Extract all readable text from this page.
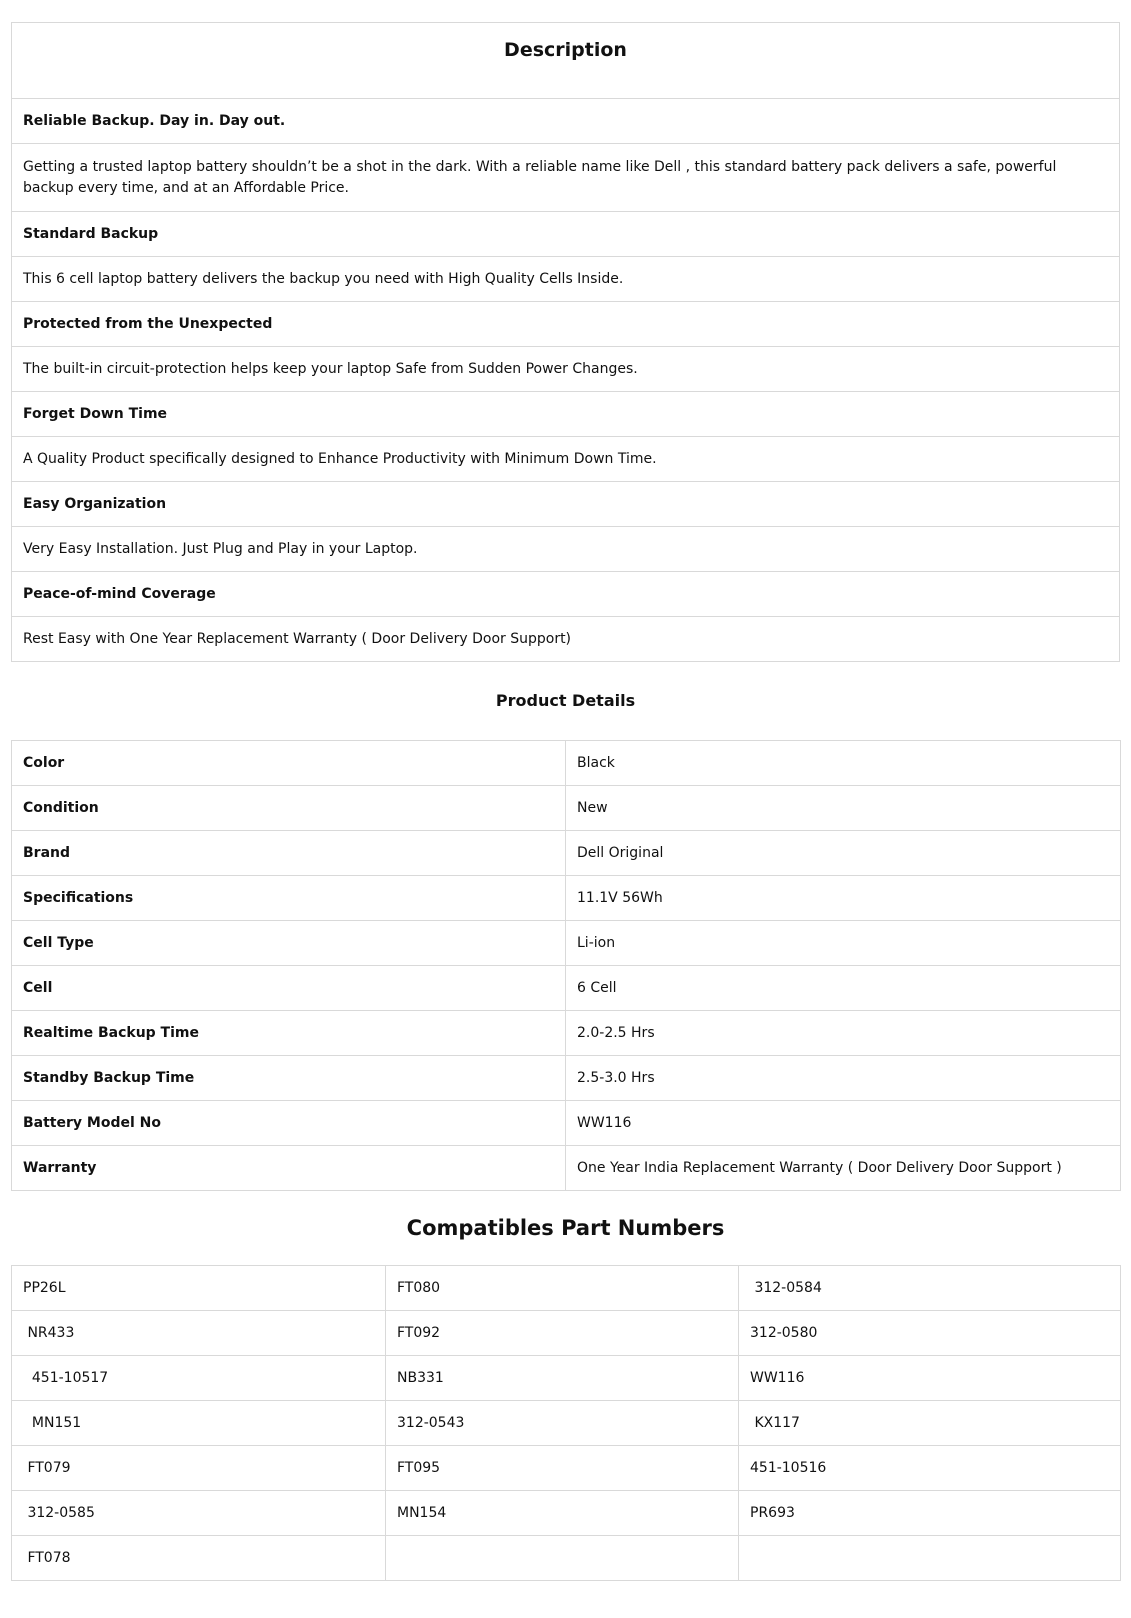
Description
Reliable Backup. Day in. Day out.
Getting a trusted laptop battery shouldn’t be a shot in the dark. With a reliable name like Dell , this standard battery pack delivers a safe, powerful backup every time, and at an Affordable Price.
Standard Backup
This 6 cell laptop battery delivers the backup you need with High Quality Cells Inside.
Protected from the Unexpected
The built-in circuit-protection helps keep your laptop Safe from Sudden Power Changes.
Forget Down Time
A Quality Product specifically designed to Enhance Productivity with Minimum Down Time.
Easy Organization
Very Easy Installation. Just Plug and Play in your Laptop.
Peace-of-mind Coverage
Rest Easy with One Year Replacement Warranty ( Door Delivery Door Support)
Product Details
Color	Black
Condition	New
Brand	Dell Original
Specifications	11.1V 56Wh
Cell Type	Li-ion
Cell	6 Cell
Realtime Backup Time	2.0-2.5 Hrs
Standby Backup Time	2.5-3.0 Hrs
Battery Model No	WW116
Warranty	One Year India Replacement Warranty ( Door Delivery Door Support )
Compatibles Part Numbers
PP26L	FT080	312-0584
NR433	FT092	312-0580
451-10517	NB331	WW116
MN151	312-0543	KX117
FT079	FT095	451-10516
312-0585	MN154	PR693
FT078		
